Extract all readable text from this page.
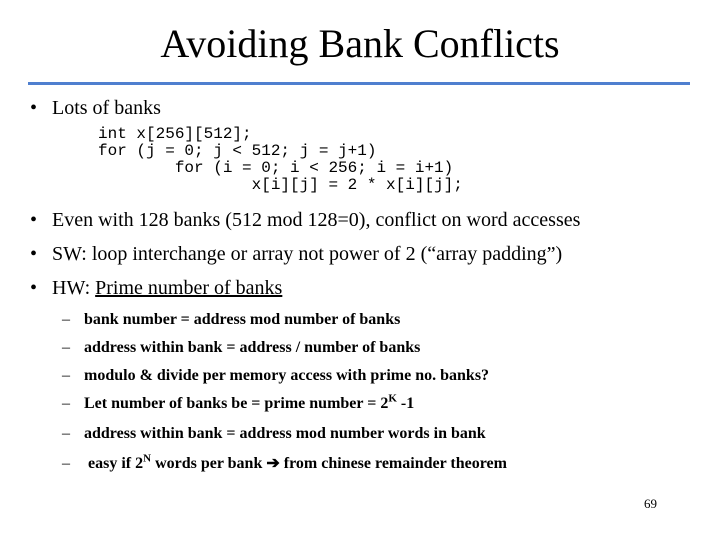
Avoiding Bank Conflicts
• Lots of banks
int x[256][512];
for (j = 0; j < 512; j = j+1)
for (i = 0; i < 256; i = i+1)
x[i][j] = 2 * x[i][j];
• Even with 128 banks (512 mod 128=0), conflict on word accesses
• SW: loop interchange or array not power of 2 (“array padding”)
• HW: Prime number of banks
– bank number = address mod number of banks
– address within bank = address / number of banks
– modulo & divide per memory access with prime no. banks?
– Let number of banks be = prime number = $2^K$ -1
– address within bank = address mod number words in bank
– easy if $2^N$ words per bank ➔ from chinese remainder theorem
69
